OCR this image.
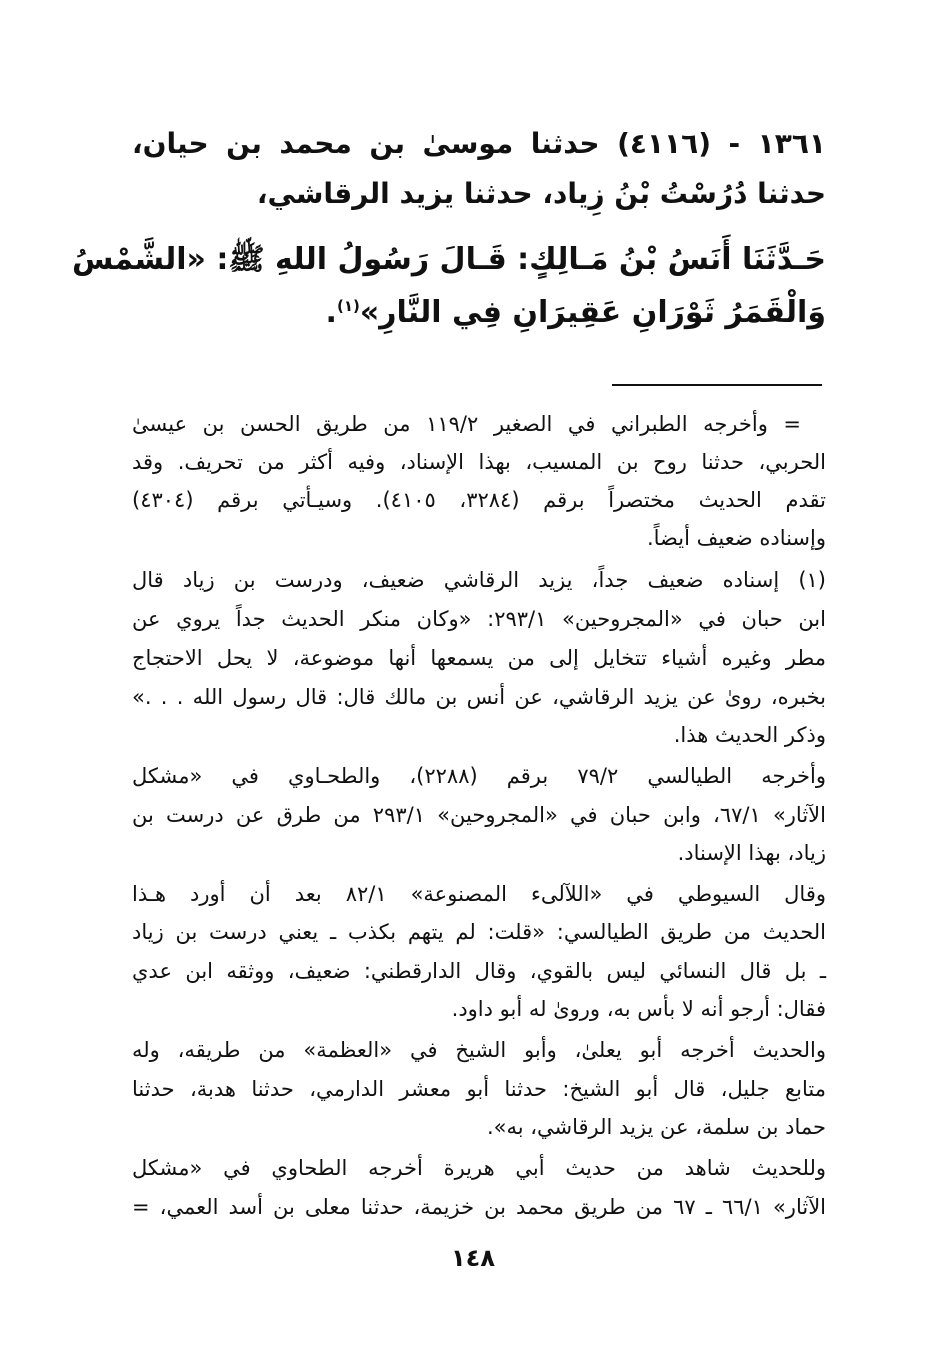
١٣٦١ - (٤١١٦) حدثنا موسىٰ بن محمد بن حيان،
حدثنا دُرُسْتُ بْنُ زِياد، حدثنا يزيد الرقاشي،
حَـدَّثَنَا أَنَسُ بْنُ مَـالِكٍ: قَـالَ رَسُولُ اللهِ ﷺ: «الشَّمْسُ
وَالْقَمَرُ ثَوْرَانِ عَقِيرَانِ فِي النَّارِ»$^{(١)}$.
= وأخرجه الطبراني في الصغير ١١٩/٢ من طريق الحسن بن عيسىٰ
الحربي، حدثنا روح بن المسيب، بهذا الإسناد، وفيه أكثر من تحريف. وقد
تقدم الحديث مختصراً برقم (٣٢٨٤، ٤١٠٥). وسيـأتي برقم (٤٣٠٤)
وإسناده ضعيف أيضاً.
(١) إسناده ضعيف جداً، يزيد الرقاشي ضعيف، ودرست بن زياد قال
ابن حبان في «المجروحين» ٢٩٣/١: «وكان منكر الحديث جداً يروي عن
مطر وغيره أشياء تتخايل إلى من يسمعها أنها موضوعة، لا يحل الاحتجاج
بخبره، روىٰ عن يزيد الرقاشي، عن أنس بن مالك قال: قال رسول الله . . .»
وذكر الحديث هذا.
وأخرجه الطيالسي ٧٩/٢ برقم (٢٢٨٨)، والطحـاوي في «مشكل
الآثار» ٦٧/١، وابن حبان في «المجروحين» ٢٩٣/١ من طرق عن درست بن
زياد، بهذا الإسناد.
وقال السيوطي في «اللآلىء المصنوعة» ٨٢/١ بعد أن أورد هـذا
الحديث من طريق الطيالسي: «قلت: لم يتهم بكذب ـ يعني درست بن زياد
ـ بل قال النسائي ليس بالقوي، وقال الدارقطني: ضعيف، ووثقه ابن عدي
فقال: أرجو أنه لا بأس به، وروىٰ له أبو داود.
والحديث أخرجه أبو يعلىٰ، وأبو الشيخ في «العظمة» من طريقه، وله
متابع جليل، قال أبو الشيخ: حدثنا أبو معشر الدارمي، حدثنا هدبة، حدثنا
حماد بن سلمة، عن يزيد الرقاشي، به».
وللحديث شاهد من حديث أبي هريرة أخرجه الطحاوي في «مشكل
الآثار» ٦٦/١ ـ ٦٧ من طريق محمد بن خزيمة، حدثنا معلى بن أسد العمي، =
١٤٨
